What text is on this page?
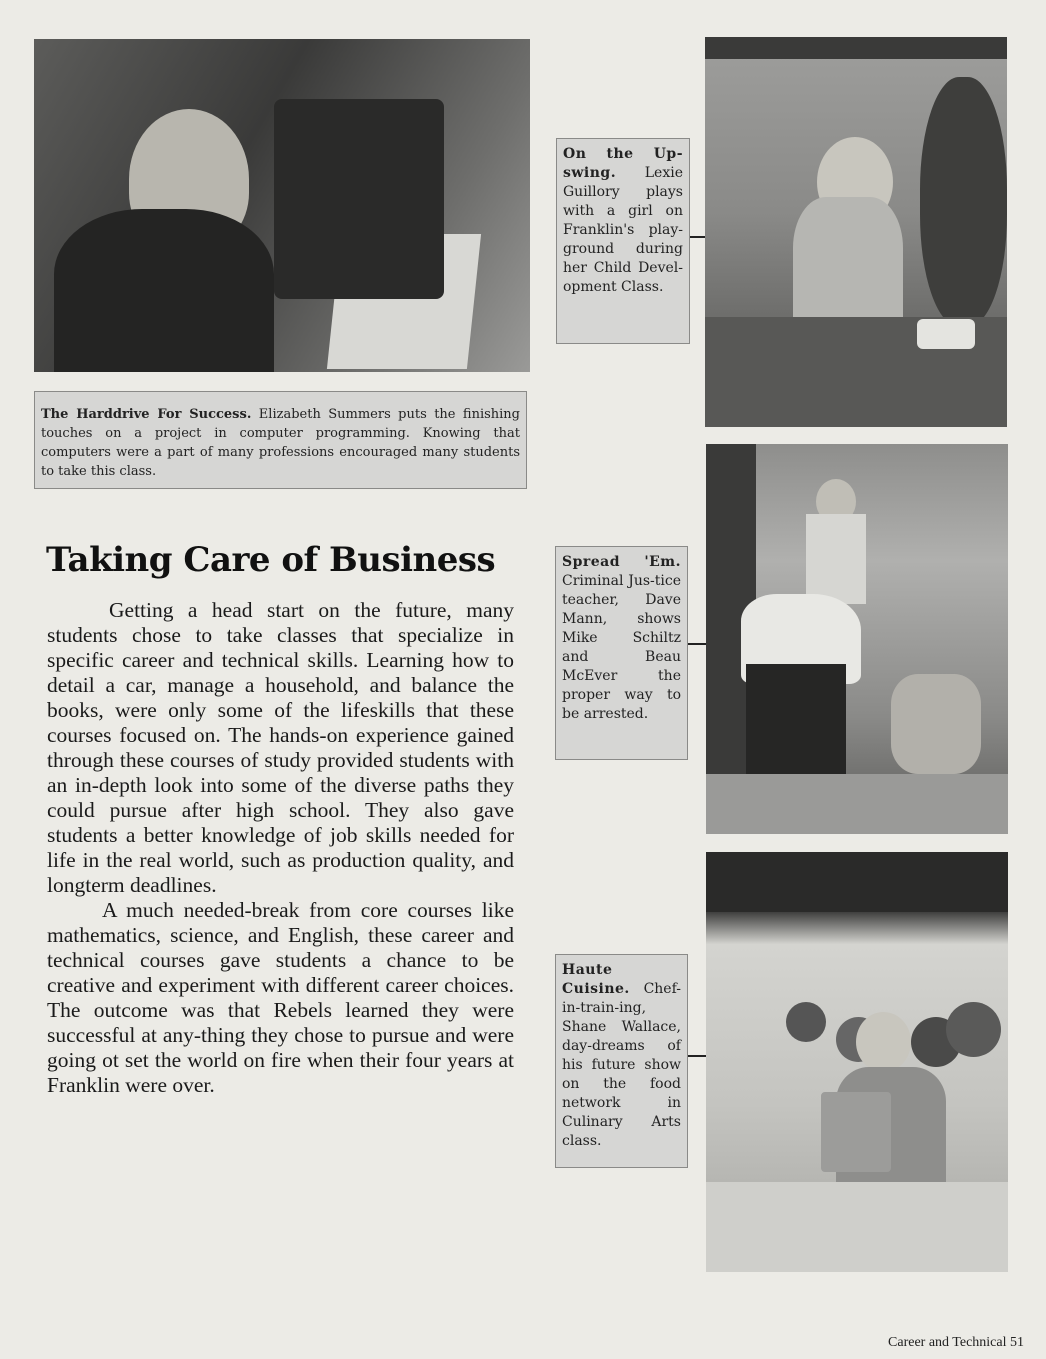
The Harddrive For Success. Elizabeth Summers puts the finishing touches on a project in computer programming. Knowing that computers were a part of many professions encouraged many students to take this class.
On the Up-swing. Lexie Guillory plays with a girl on Franklin's play-ground during her Child Devel-opment Class.
Spread 'Em. Criminal Jus-tice teacher, Dave Mann, shows Mike Schiltz and Beau McEver the proper way to be arrested.
Haute Cuisine. Chef-in-train-ing, Shane Wallace, day-dreams of his future show on the food network in Culinary Arts class.
Taking Care of Business

Getting a head start on the future, many students chose to take classes that specialize in specific career and technical skills. Learning how to detail a car, manage a household, and balance the books, were only some of the lifeskills that these courses focused on. The hands-on experience gained through these courses of study provided students with an in-depth look into some of the diverse paths they could pursue after high school. They also gave students a better knowledge of job skills needed for life in the real world, such as production quality, and longterm deadlines.

A much needed-break from core courses like mathematics, science, and English, these career and technical courses gave students a chance to be creative and experiment with different career choices. The outcome was that Rebels learned they were successful at any-thing they chose to pursue and were going ot set the world on fire when their four years at Franklin were over.

Career and Technical 51
